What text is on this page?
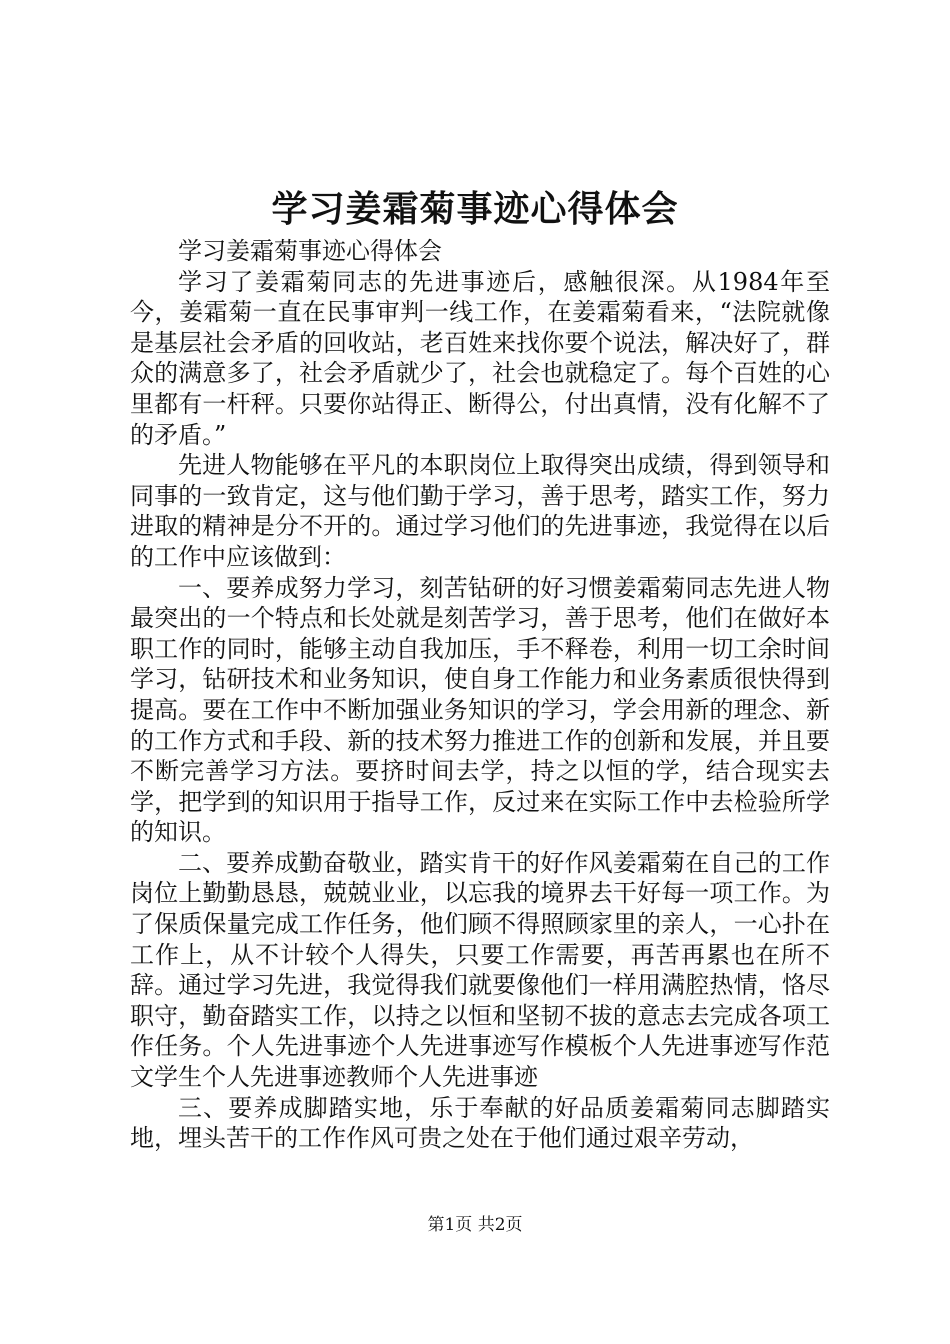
学习姜霜菊事迹心得体会

学习姜霜菊事迹心得体会

学习了姜霜菊同志的先进事迹后，感触很深。从1984年至今，姜霜菊一直在民事审判一线工作，在姜霜菊看来，“法院就像是基层社会矛盾的回收站，老百姓来找你要个说法，解决好了，群众的满意多了，社会矛盾就少了，社会也就稳定了。每个百姓的心里都有一杆秤。只要你站得正、断得公，付出真情，没有化解不了的矛盾。”

先进人物能够在平凡的本职岗位上取得突出成绩，得到领导和同事的一致肯定，这与他们勤于学习，善于思考，踏实工作，努力进取的精神是分不开的。通过学习他们的先进事迹，我觉得在以后的工作中应该做到：

一、要养成努力学习，刻苦钻研的好习惯姜霜菊同志先进人物最突出的一个特点和长处就是刻苦学习，善于思考，他们在做好本职工作的同时，能够主动自我加压，手不释卷，利用一切工余时间学习，钻研技术和业务知识，使自身工作能力和业务素质很快得到提高。要在工作中不断加强业务知识的学习，学会用新的理念、新的工作方式和手段、新的技术努力推进工作的创新和发展，并且要不断完善学习方法。要挤时间去学，持之以恒的学，结合现实去学，把学到的知识用于指导工作，反过来在实际工作中去检验所学的知识。

二、要养成勤奋敬业，踏实肯干的好作风姜霜菊在自己的工作岗位上勤勤恳恳，兢兢业业，以忘我的境界去干好每一项工作。为了保质保量完成工作任务，他们顾不得照顾家里的亲人，一心扑在工作上，从不计较个人得失，只要工作需要，再苦再累也在所不辞。通过学习先进，我觉得我们就要像他们一样用满腔热情，恪尽职守，勤奋踏实工作，以持之以恒和坚韧不拔的意志去完成各项工作任务。个人先进事迹个人先进事迹写作模板个人先进事迹写作范文学生个人先进事迹教师个人先进事迹

三、要养成脚踏实地，乐于奉献的好品质姜霜菊同志脚踏实地，埋头苦干的工作作风可贵之处在于他们通过艰辛劳动，

第1页 共2页
